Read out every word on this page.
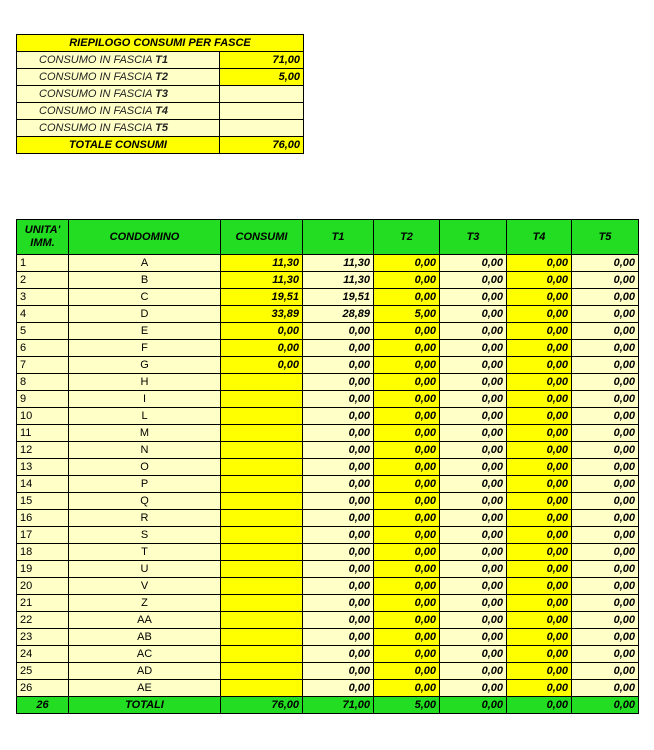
RIEPILOGO CONSUMI PER FASCE	
CONSUMO IN FASCIA T1	71,00
CONSUMO IN FASCIA T2	5,00
CONSUMO IN FASCIA T3	
CONSUMO IN FASCIA T4	
CONSUMO IN FASCIA T5	
TOTALE CONSUMI	76,00
UNITA' IMM.	CONDOMINO	CONSUMI	T1	T2	T3	T4	T5
1	A	11,30	11,30	0,00	0,00	0,00	0,00
2	B	11,30	11,30	0,00	0,00	0,00	0,00
3	C	19,51	19,51	0,00	0,00	0,00	0,00
4	D	33,89	28,89	5,00	0,00	0,00	0,00
5	E	0,00	0,00	0,00	0,00	0,00	0,00
6	F	0,00	0,00	0,00	0,00	0,00	0,00
7	G	0,00	0,00	0,00	0,00	0,00	0,00
8	H		0,00	0,00	0,00	0,00	0,00
9	I		0,00	0,00	0,00	0,00	0,00
10	L		0,00	0,00	0,00	0,00	0,00
11	M		0,00	0,00	0,00	0,00	0,00
12	N		0,00	0,00	0,00	0,00	0,00
13	O		0,00	0,00	0,00	0,00	0,00
14	P		0,00	0,00	0,00	0,00	0,00
15	Q		0,00	0,00	0,00	0,00	0,00
16	R		0,00	0,00	0,00	0,00	0,00
17	S		0,00	0,00	0,00	0,00	0,00
18	T		0,00	0,00	0,00	0,00	0,00
19	U		0,00	0,00	0,00	0,00	0,00
20	V		0,00	0,00	0,00	0,00	0,00
21	Z		0,00	0,00	0,00	0,00	0,00
22	AA		0,00	0,00	0,00	0,00	0,00
23	AB		0,00	0,00	0,00	0,00	0,00
24	AC		0,00	0,00	0,00	0,00	0,00
25	AD		0,00	0,00	0,00	0,00	0,00
26	AE		0,00	0,00	0,00	0,00	0,00
26	TOTALI	76,00	71,00	5,00	0,00	0,00	0,00
